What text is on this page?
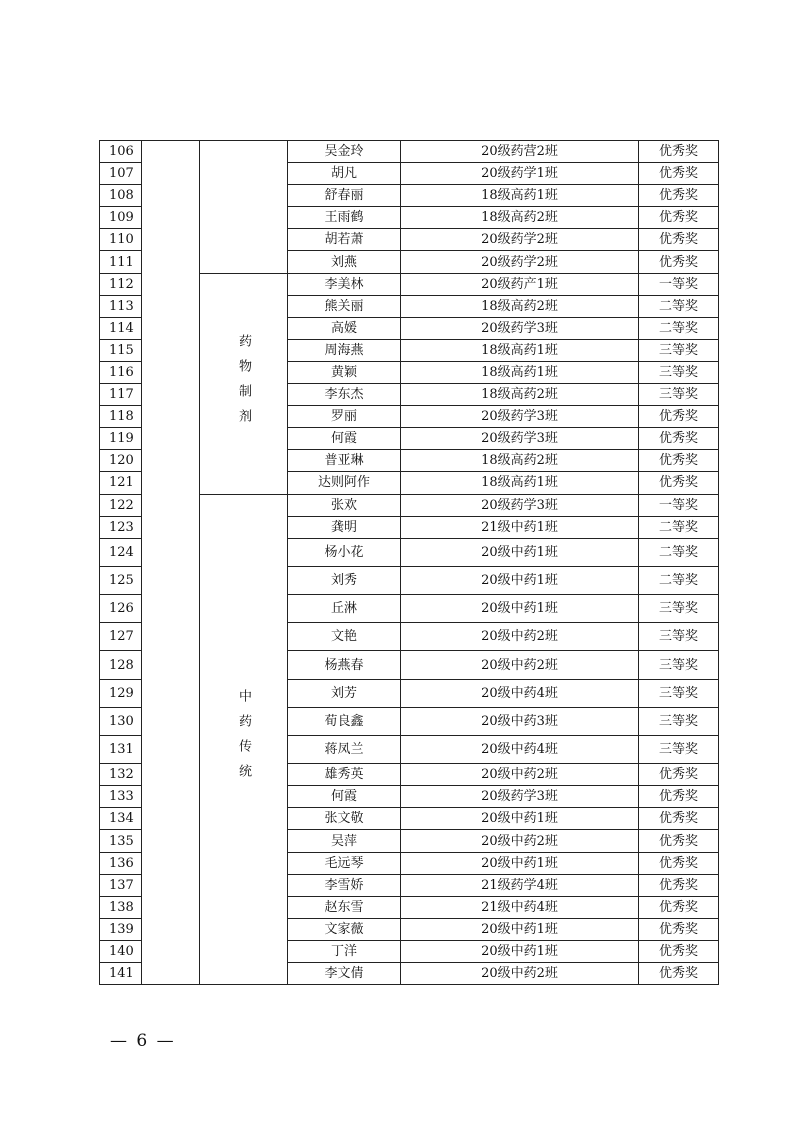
106			吴金玲	20级药营2班	优秀奖
107			胡凡	20级药学1班	优秀奖
108			舒春丽	18级高药1班	优秀奖
109			王雨鹤	18级高药2班	优秀奖
110			胡若萧	20级药学2班	优秀奖
111			刘燕	20级药学2班	优秀奖
112		药物制剂	李美林	20级药产1班	一等奖
113			熊关丽	18级高药2班	二等奖
114			高媛	20级药学3班	二等奖
115			周海燕	18级高药1班	三等奖
116			黄颖	18级高药1班	三等奖
117			李东杰	18级高药2班	三等奖
118			罗丽	20级药学3班	优秀奖
119			何霞	20级药学3班	优秀奖
120			普亚琳	18级高药2班	优秀奖
121			达则阿作	18级高药1班	优秀奖
122		中药传统	张欢	20级药学3班	一等奖
123			龚明	21级中药1班	二等奖
124			杨小花	20级中药1班	二等奖
125			刘秀	20级中药1班	二等奖
126			丘淋	20级中药1班	三等奖
127			文艳	20级中药2班	三等奖
128			杨燕春	20级中药2班	三等奖
129			刘芳	20级中药4班	三等奖
130			荀良鑫	20级中药3班	三等奖
131			蒋凤兰	20级中药4班	三等奖
132			雄秀英	20级中药2班	优秀奖
133			何霞	20级药学3班	优秀奖
134			张文敬	20级中药1班	优秀奖
135			吴萍	20级中药2班	优秀奖
136			毛远琴	20级中药1班	优秀奖
137			李雪娇	21级药学4班	优秀奖
138			赵东雪	21级中药4班	优秀奖
139			文家薇	20级中药1班	优秀奖
140			丁洋	20级中药1班	优秀奖
141			李文倩	20级中药2班	优秀奖
— 6 —
